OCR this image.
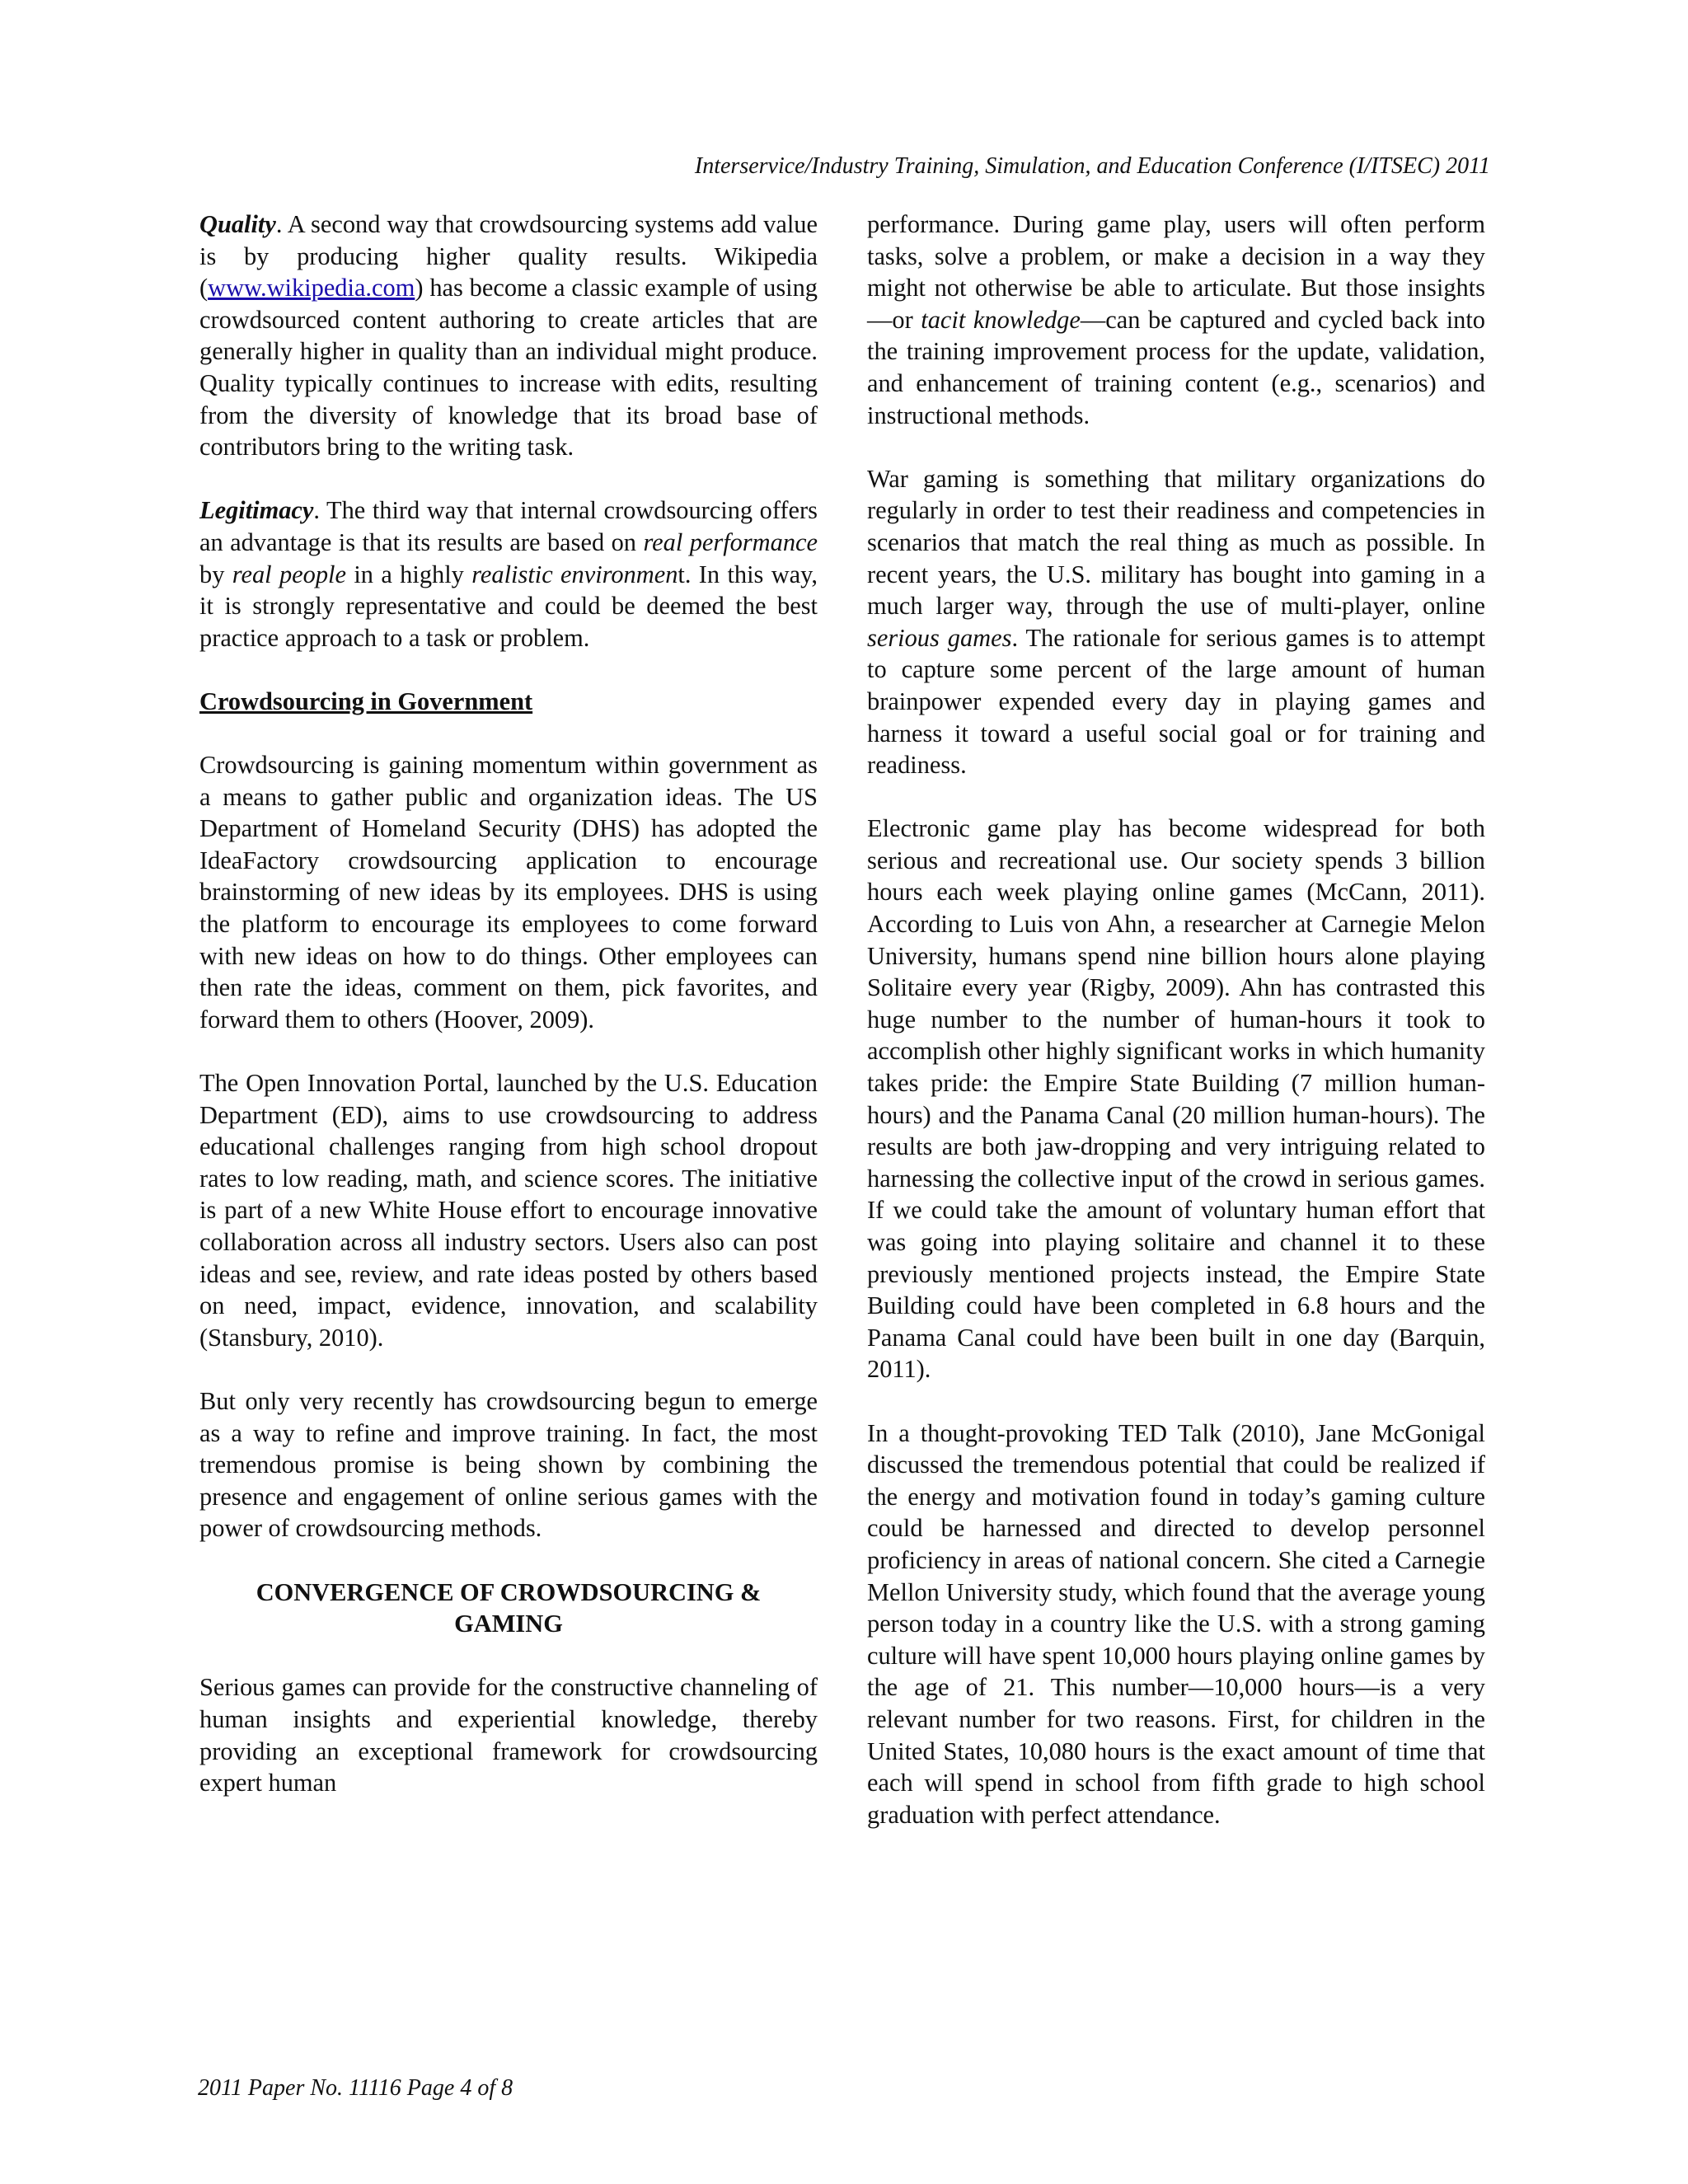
Interservice/Industry Training, Simulation, and Education Conference (I/ITSEC) 2011

Quality. A second way that crowdsourcing systems add value is by producing higher quality results. Wikipedia (www.wikipedia.com) has become a classic example of using crowdsourced content authoring to create articles that are generally higher in quality than an individual might produce. Quality typically continues to increase with edits, resulting from the diversity of knowledge that its broad base of contributors bring to the writing task.

Legitimacy. The third way that internal crowdsourcing offers an advantage is that its results are based on real performance by real people in a highly realistic environment. In this way, it is strongly representative and could be deemed the best practice approach to a task or problem.

Crowdsourcing in Government

Crowdsourcing is gaining momentum within government as a means to gather public and organization ideas. The US Department of Homeland Security (DHS) has adopted the IdeaFactory crowdsourcing application to encourage brainstorming of new ideas by its employees. DHS is using the platform to encourage its employees to come forward with new ideas on how to do things. Other employees can then rate the ideas, comment on them, pick favorites, and forward them to others (Hoover, 2009).

The Open Innovation Portal, launched by the U.S. Education Department (ED), aims to use crowdsourcing to address educational challenges ranging from high school dropout rates to low reading, math, and science scores. The initiative is part of a new White House effort to encourage innovative collaboration across all industry sectors. Users also can post ideas and see, review, and rate ideas posted by others based on need, impact, evidence, innovation, and scalability (Stansbury, 2010).

But only very recently has crowdsourcing begun to emerge as a way to refine and improve training. In fact, the most tremendous promise is being shown by combining the presence and engagement of online serious games with the power of crowdsourcing methods.

CONVERGENCE OF CROWDSOURCING &
GAMING

Serious games can provide for the constructive channeling of human insights and experiential knowledge, thereby providing an exceptional framework for crowdsourcing expert human

performance. During game play, users will often perform tasks, solve a problem, or make a decision in a way they might not otherwise be able to articulate. But those insights—or tacit knowledge—can be captured and cycled back into the training improvement process for the update, validation, and enhancement of training content (e.g., scenarios) and instructional methods.

War gaming is something that military organizations do regularly in order to test their readiness and competencies in scenarios that match the real thing as much as possible. In recent years, the U.S. military has bought into gaming in a much larger way, through the use of multi-player, online serious games. The rationale for serious games is to attempt to capture some percent of the large amount of human brainpower expended every day in playing games and harness it toward a useful social goal or for training and readiness.

Electronic game play has become widespread for both serious and recreational use. Our society spends 3 billion hours each week playing online games (McCann, 2011). According to Luis von Ahn, a researcher at Carnegie Melon University, humans spend nine billion hours alone playing Solitaire every year (Rigby, 2009). Ahn has contrasted this huge number to the number of human-hours it took to accomplish other highly significant works in which humanity takes pride: the Empire State Building (7 million human-hours) and the Panama Canal (20 million human-hours). The results are both jaw-dropping and very intriguing related to harnessing the collective input of the crowd in serious games. If we could take the amount of voluntary human effort that was going into playing solitaire and channel it to these previously mentioned projects instead, the Empire State Building could have been completed in 6.8 hours and the Panama Canal could have been built in one day (Barquin, 2011).

In a thought-provoking TED Talk (2010), Jane McGonigal discussed the tremendous potential that could be realized if the energy and motivation found in today’s gaming culture could be harnessed and directed to develop personnel proficiency in areas of national concern. She cited a Carnegie Mellon University study, which found that the average young person today in a country like the U.S. with a strong gaming culture will have spent 10,000 hours playing online games by the age of 21. This number—10,000 hours—is a very relevant number for two reasons. First, for children in the United States, 10,080 hours is the exact amount of time that each will spend in school from fifth grade to high school graduation with perfect attendance.

2011 Paper No. 11116 Page 4 of 8
